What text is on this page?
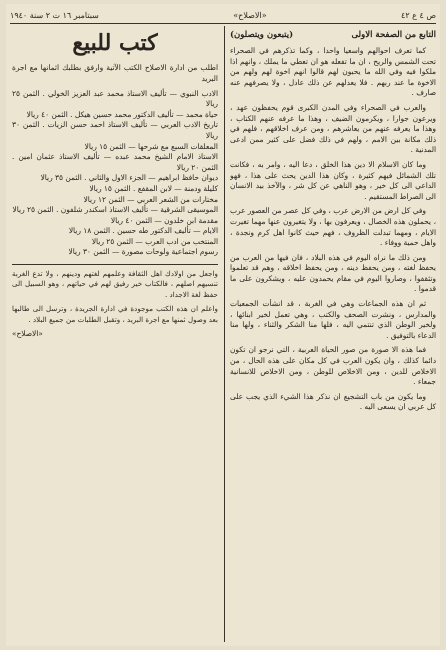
ص ٤ ع ٤٢
«الاصلاح»
سبتامبر ١٦ ت ٢ سنة ١٩٤٠
التابع من الصفحة الاولى
(يتبعون ويتصلون)

كما تعرف احوالهم واسعيا واحدا ، وكما تذكرهم في الصحراء تحت الشمس والريح ، ان ما تفعله هو ان تعطي ما يملك ، وانهم اذا ملكوا فيه وفي الله ما يحبون لهم قالوا انهم اخوة لهم ولهم من الاخوة ما عند ربهم . فلا يعدلهم عن ذلك عادل ، ولا يصرفهم عنه صارف .

والعرب في الصحراء وفي المدن الكبرى قوم يحفظون عهد ، ويرعون جوارا ، ويكرمون الضيف ، وهذا ما عرفه عنهم الكتاب ، وهذا ما يعرفه عنهم من يعاشرهم ، ومن عرف اخلاقهم ، فلهم في ذلك مكانة بين الامم ، ولهم في ذلك فضل على كثير ممن ادعى المدنية .

وما كان الاسلام الا دين هذا الخلق ، دعا اليه ، وامر به ، فكانت تلك الشمائل فيهم كثيرة ، وكان هذا الدين يحث على هذا ، فهو الداعي الى كل خير ، وهو الناهي عن كل شر ، والآخذ بيد الانسان الى الصراط المستقيم .

وفي كل ارض من الارض عرب ، وفي كل عصر من العصور عرب ، يحملون هذه الخصال ، ويعرفون بها ، ولا يتغيرون عنها مهما تغيرت الايام ، ومهما تبدلت الظروف ، فهم حيث كانوا اهل كرم ونجدة ، واهل حمية ووفاء .

ومن ذلك ما نراه اليوم في هذه البلاد ، فان فيها من العرب من يحفظ لغته ، ومن يحفظ دينه ، ومن يحفظ اخلاقه ، وهم قد تعلموا وتثقفوا ، وصاروا اليوم في مقام يحمدون عليه ، ويشكرون على ما قدموا .

ثم ان هذه الجماعات وهي في الغربة ، قد انشأت الجمعيات والمدارس ، ونشرت الصحف والكتب ، وهي تعمل لخير ابنائها ، ولخير الوطن الذي تنتمي اليه ، فلها منا الشكر والثناء ، ولها منا الدعاء بالتوفيق .

فما هذه الا صورة من صور الحياة العربية ، التي نرجو ان تكون دائما كذلك ، وان يكون العرب في كل مكان على هذه الحال ، من الاخلاص للدين ، ومن الاخلاص للوطن ، ومن الاخلاص للانسانية جمعاء .

وما يكون من باب التشجيع ان نذكر هذا الشيء الذي يجب على كل عربي ان يسعى اليه .

كتب للبيع

اطلب من ادارة الاصلاح الكتب الآتية وارفق بطلبك اثمانها مع اجرة البريد

الادب النبوي — تأليف الاستاذ محمد عبد العزيز الخولي . الثمن ٢٥ ريالا

حياة محمد — تأليف الدكتور محمد حسين هيكل . الثمن ٤٠ ريالا

تاريخ الادب العربي — تأليف الاستاذ احمد حسن الزيات . الثمن ٣٠ ريالا

المعلقات السبع مع شرحها — الثمن ١٥ ريالا

الاستاذ الامام الشيخ محمد عبده — تأليف الاستاذ عثمان امين . الثمن ٢٠ ريالا

ديوان حافظ ابراهيم — الجزء الاول والثاني . الثمن ٣٥ ريالا

كليلة ودمنة — لابن المقفع . الثمن ١٥ ريالا

مختارات من الشعر العربي — الثمن ١٢ ريالا

الموسيقى الشرقية — تأليف الاستاذ اسكندر شلفون . الثمن ٢٥ ريالا

مقدمة ابن خلدون — الثمن ٤٠ ريالا

الايام — تأليف الدكتور طه حسين . الثمن ١٨ ريالا

المنتخب من ادب العرب — الثمن ٢٥ ريالا

رسوم اجتماعية ولوحات مصورة — الثمن ٣٠ ريالا

واجعل من اولادك اهل الثقافة وعلمهم لغتهم ودينهم ، ولا تدع الغربة تنسيهم اصلهم ، فالكتاب خير رفيق لهم في حياتهم ، وهو السبيل الى حفظ لغة الاجداد .

واعلم ان هذه الكتب موجودة في ادارة الجريدة ، وترسل الى طالبها بعد وصول ثمنها مع اجرة البريد ، وتقبل الطلبات من جميع البلاد .

«الاصلاح»
